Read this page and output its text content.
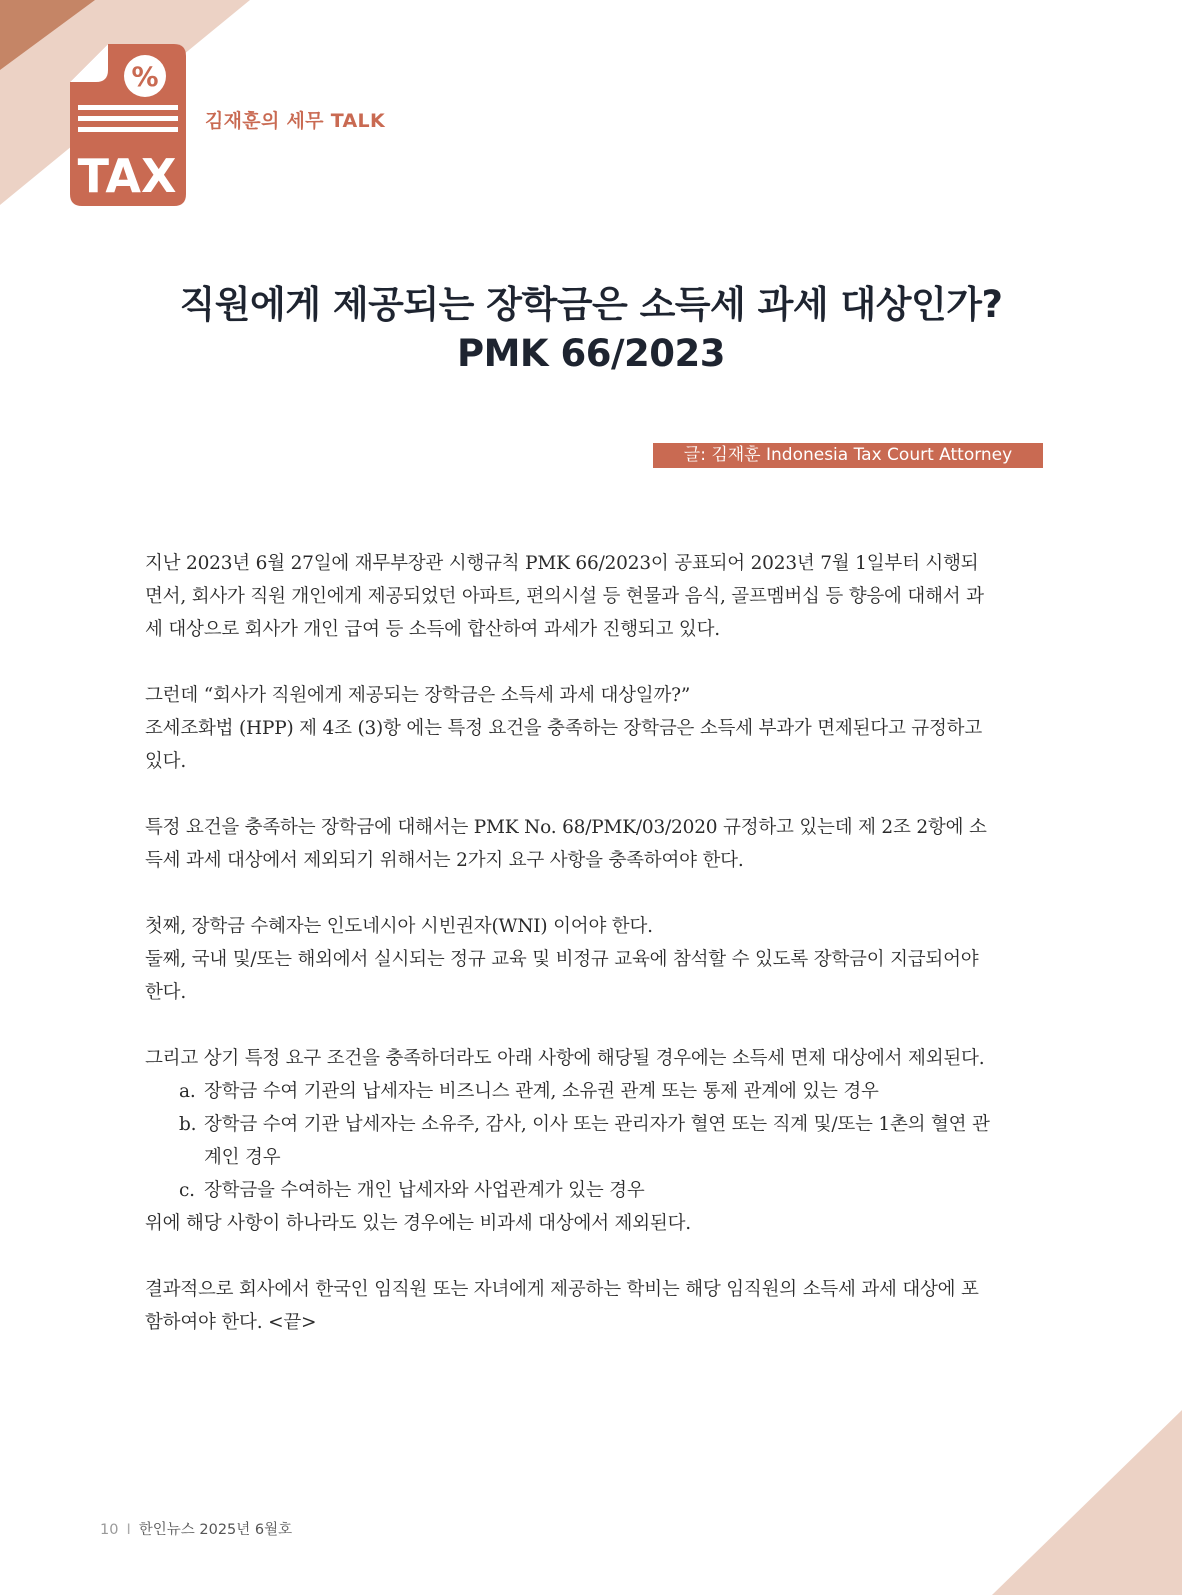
%
TAX
김재훈의 세무 TALK
직원에게 제공되는 장학금은 소득세 과세 대상인가?
PMK 66/2023
글: 김재훈 Indonesia Tax Court Attorney

지난 2023년 6월 27일에 재무부장관 시행규칙 PMK 66/2023이 공표되어 2023년 7월 1일부터 시행되면서, 회사가 직원 개인에게 제공되었던 아파트, 편의시설 등 현물과 음식, 골프멤버십 등 향응에 대해서 과세 대상으로 회사가 개인 급여 등 소득에 합산하여 과세가 진행되고 있다.

그런데 “회사가 직원에게 제공되는 장학금은 소득세 과세 대상일까?”
조세조화법 (HPP) 제 4조 (3)항 에는 특정 요건을 충족하는 장학금은 소득세 부과가 면제된다고 규정하고 있다.

특정 요건을 충족하는 장학금에 대해서는 PMK No. 68/PMK/03/2020 규정하고 있는데 제 2조 2항에 소득세 과세 대상에서 제외되기 위해서는 2가지 요구 사항을 충족하여야 한다.

첫째, 장학금 수혜자는 인도네시아 시빈권자(WNI) 이어야 한다.
둘째, 국내 및/또는 해외에서 실시되는 정규 교육 및 비정규 교육에 참석할 수 있도록 장학금이 지급되어야 한다.

그리고 상기 특정 요구 조건을 충족하더라도 아래 사항에 해당될 경우에는 소득세 면제 대상에서 제외된다.

a. 장학금 수여 기관의 납세자는 비즈니스 관계, 소유권 관계 또는 통제 관계에 있는 경우
b. 장학금 수여 기관 납세자는 소유주, 감사, 이사 또는 관리자가 혈연 또는 직계 및/또는 1촌의 혈연 관계인 경우
c. 장학금을 수여하는 개인 납세자와 사업관계가 있는 경우

위에 해당 사항이 하나라도 있는 경우에는 비과세 대상에서 제외된다.

결과적으로 회사에서 한국인 임직원 또는 자녀에게 제공하는 학비는 해당 임직원의 소득세 과세 대상에 포함하여야 한다. <끝>

10 I 한인뉴스 2025년 6월호
